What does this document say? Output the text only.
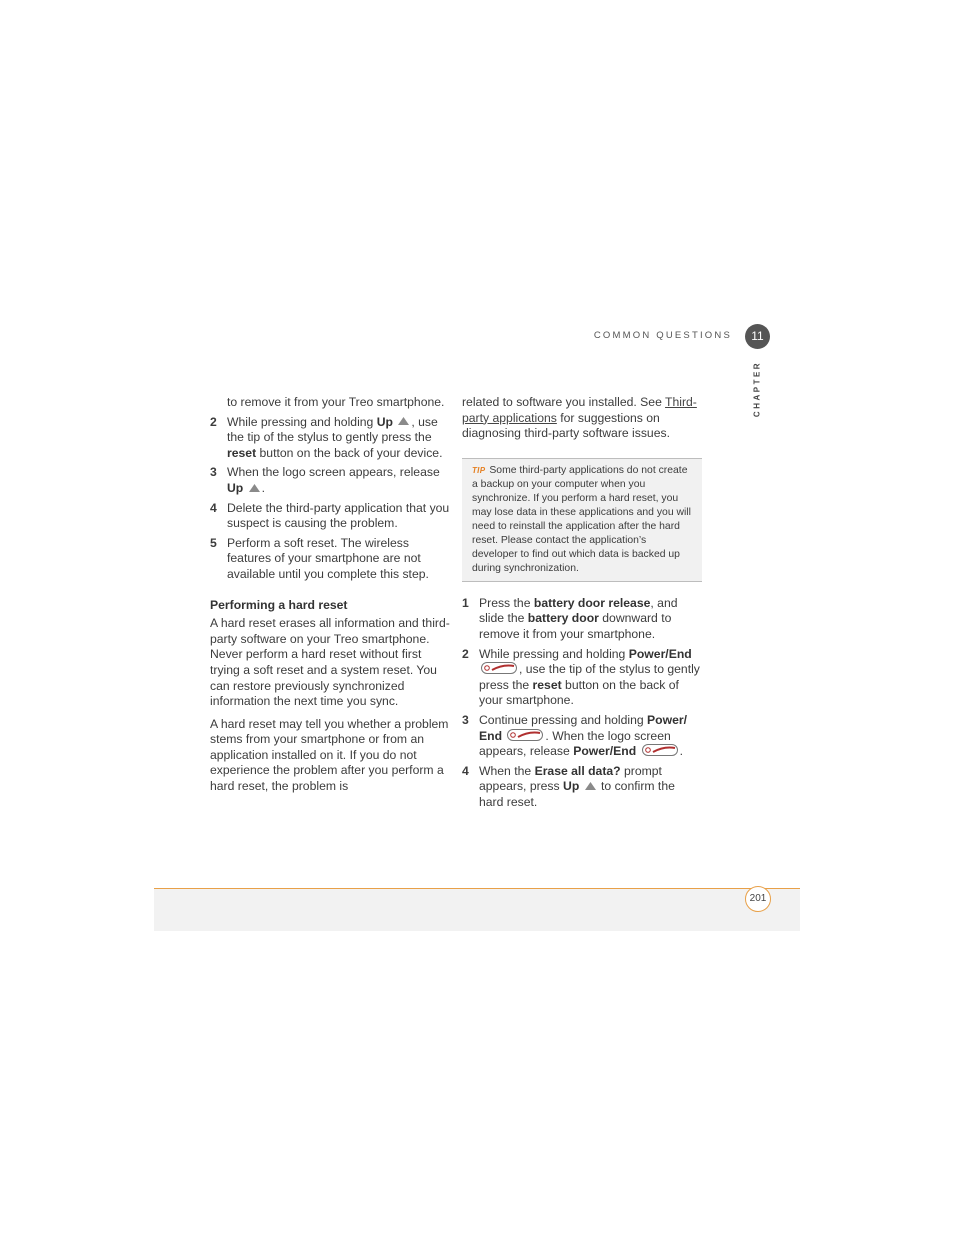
COMMON QUESTIONS	11
CHAPTER

to remove it from your Treo smartphone.

2 While pressing and holding Up , use the tip of the stylus to gently press the reset button on the back of your device.
3 When the logo screen appears, release Up .
4 Delete the third-party application that you suspect is causing the problem.
5 Perform a soft reset. The wireless features of your smartphone are not available until you complete this step.
Performing a hard reset

A hard reset erases all information and third-party software on your Treo smartphone. Never perform a hard reset without first trying a soft reset and a system reset. You can restore previously synchronized information the next time you sync.

A hard reset may tell you whether a problem stems from your smartphone or from an application installed on it. If you do not experience the problem after you perform a hard reset, the problem is

related to software you installed. See Third-party applications for suggestions on diagnosing third-party software issues.

TIP Some third-party applications do not create a backup on your computer when you synchronize. If you perform a hard reset, you may lose data in these applications and you will need to reinstall the application after the hard reset. Please contact the application’s developer to find out which data is backed up during synchronization.
1 Press the battery door release, and slide the battery door downward to remove it from your smartphone.
2 While pressing and holding Power/End , use the tip of the stylus to gently press the reset button on the back of your smartphone.
3 Continue pressing and holding Power/ End	. When the logo screen appears, release Power/End	.
4 When the Erase all data? prompt appears, press Up  to confirm the hard reset.
201
